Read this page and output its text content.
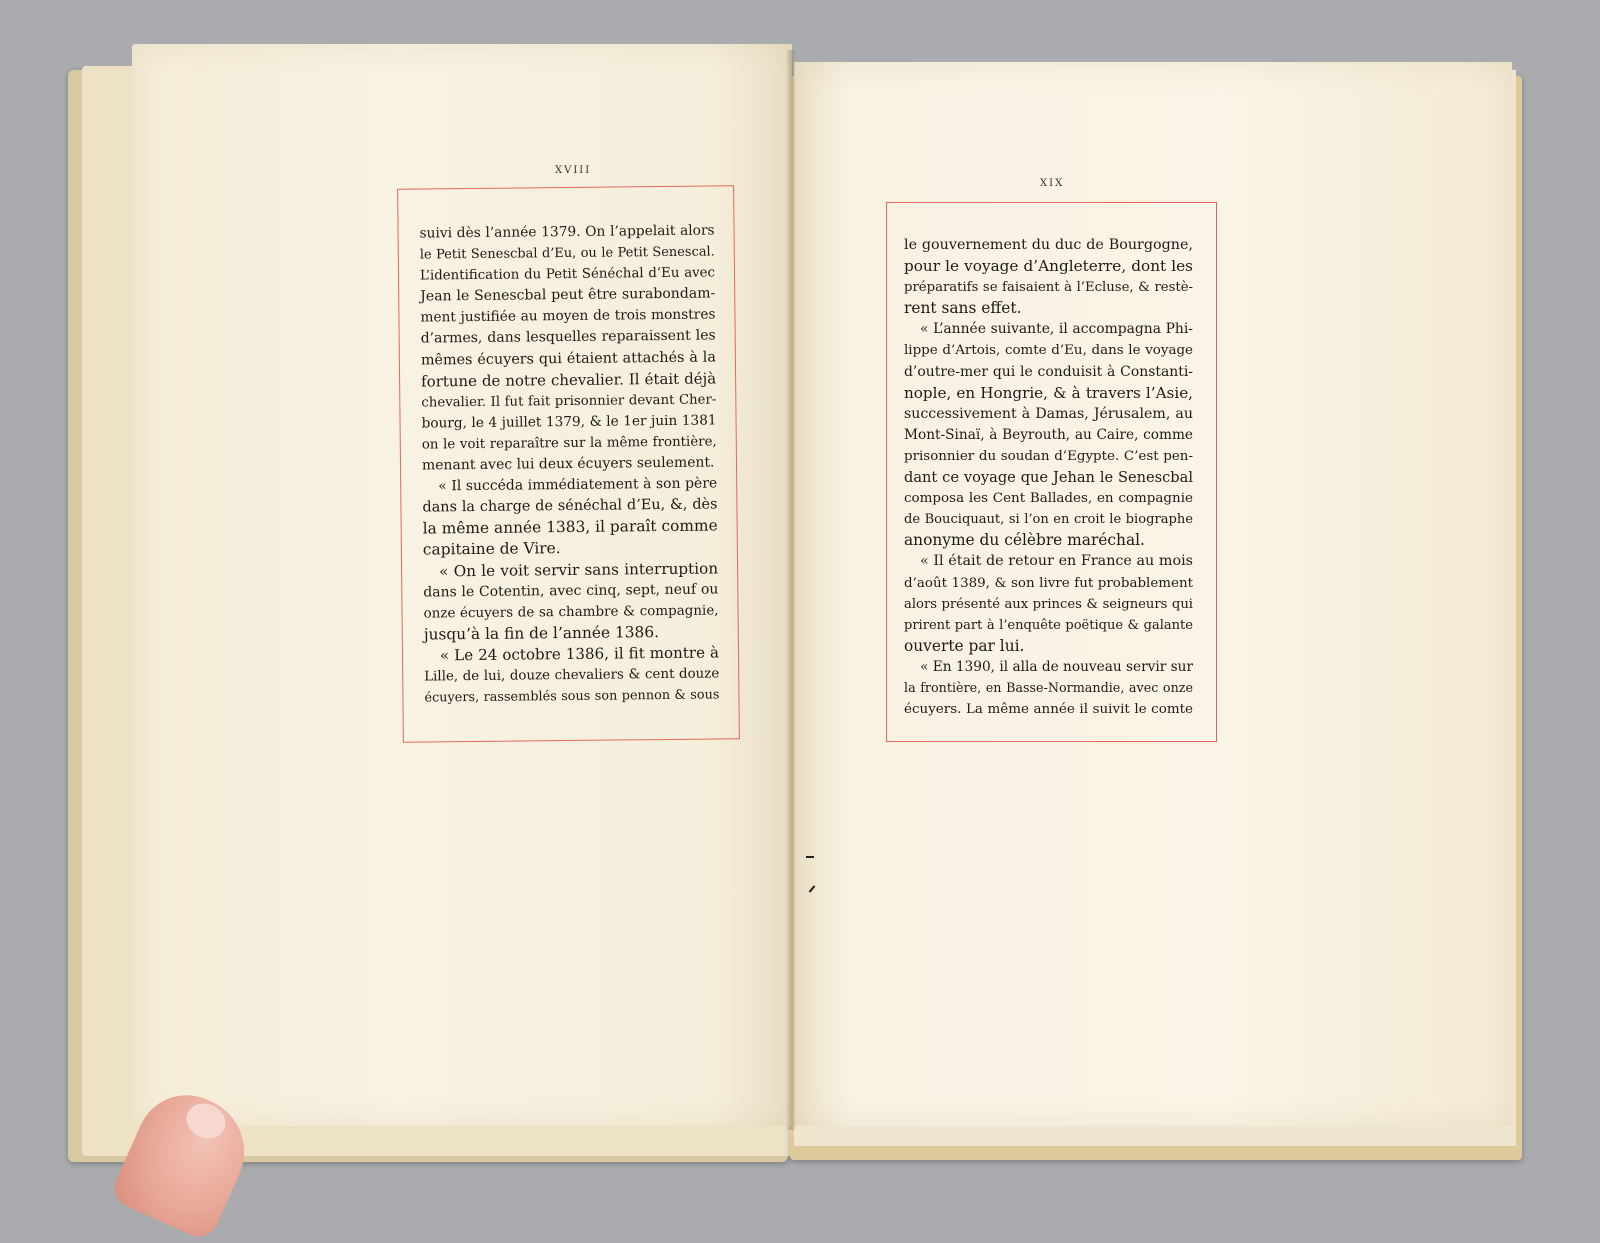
XVIII
XIX
suivi dès l’année 1379. On l’appelait alors
le Petit Senescbal d’Eu, ou le Petit Senescal.
L’identification du Petit Sénéchal d’Eu avec
Jean le Senescbal peut être surabondam-
ment justifiée au moyen de trois monstres
d’armes, dans lesquelles reparaissent les
mêmes écuyers qui étaient attachés à la
fortune de notre chevalier. Il était déjà
chevalier. Il fut fait prisonnier devant Cher-
bourg, le 4 juillet 1379, & le 1er juin 1381
on le voit reparaître sur la même frontière,
menant avec lui deux écuyers seulement.
« Il succéda immédiatement à son père
dans la charge de sénéchal d’Eu, &, dès
la même année 1383, il paraît comme
capitaine de Vire.
« On le voit servir sans interruption
dans le Cotentin, avec cinq, sept, neuf ou
onze écuyers de sa chambre & compagnie,
jusqu’à la fin de l’année 1386.
« Le 24 octobre 1386, il fit montre à
Lille, de lui, douze chevaliers & cent douze
écuyers, rassemblés sous son pennon & sous
le gouvernement du duc de Bourgogne,
pour le voyage d’Angleterre, dont les
préparatifs se faisaient à l’Ecluse, & restè-
rent sans effet.
« L’année suivante, il accompagna Phi-
lippe d’Artois, comte d’Eu, dans le voyage
d’outre-mer qui le conduisit à Constanti-
nople, en Hongrie, & à travers l’Asie,
successivement à Damas, Jérusalem, au
Mont-Sinaï, à Beyrouth, au Caire, comme
prisonnier du soudan d’Egypte. C’est pen-
dant ce voyage que Jehan le Senescbal
composa les Cent Ballades, en compagnie
de Bouciquaut, si l’on en croit le biographe
anonyme du célèbre maréchal.
« Il était de retour en France au mois
d’août 1389, & son livre fut probablement
alors présenté aux princes & seigneurs qui
prirent part à l’enquête poëtique & galante
ouverte par lui.
« En 1390, il alla de nouveau servir sur
la frontière, en Basse-Normandie, avec onze
écuyers. La même année il suivit le comte
